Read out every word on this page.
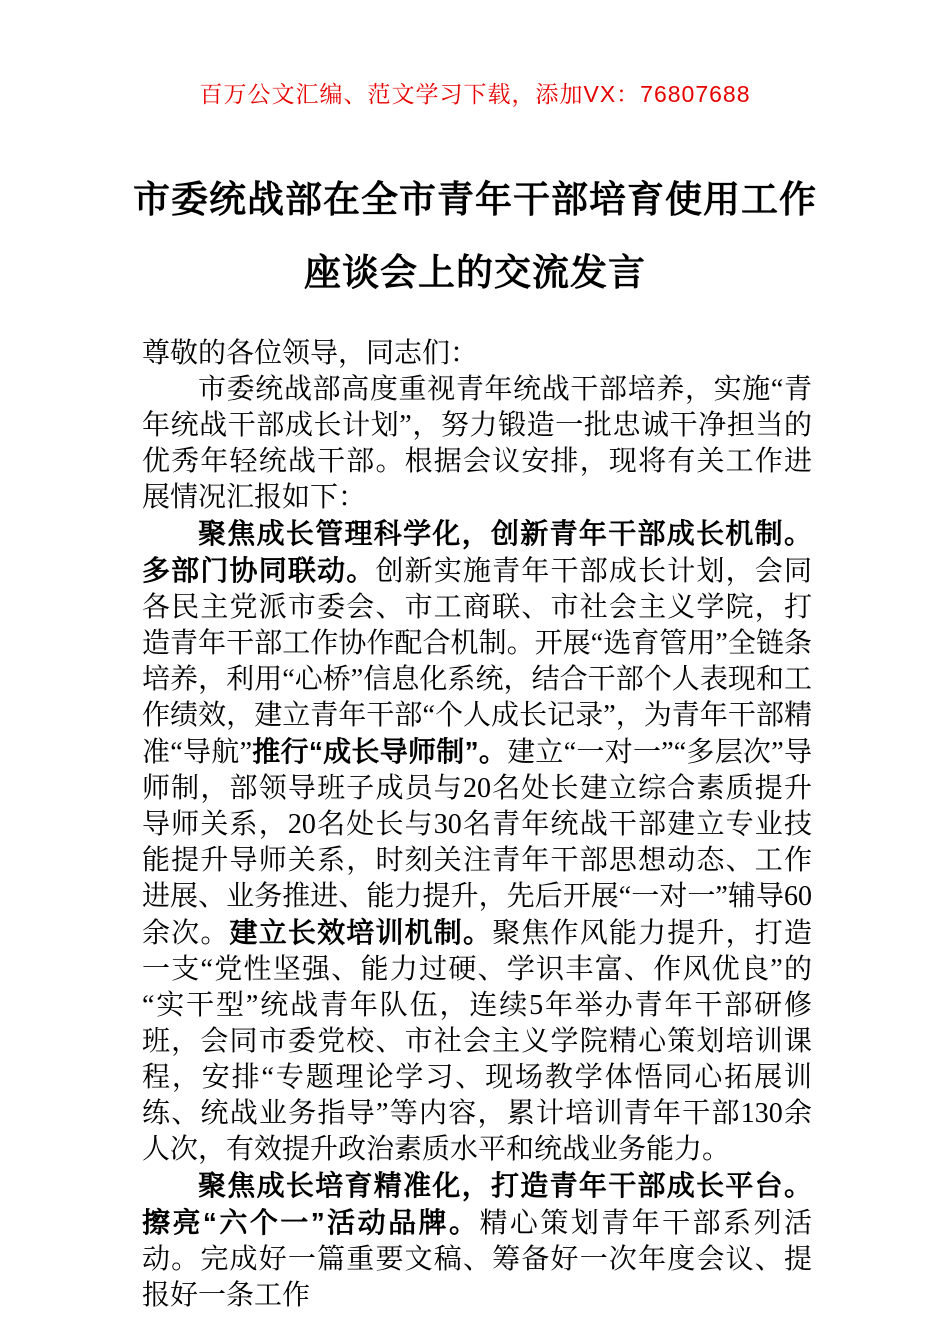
百万公文汇编、范文学习下载，添加VX：76807688
市委统战部在全市青年干部培育使用工作
座谈会上的交流发言

尊敬的各位领导，同志们：

市委统战部高度重视青年统战干部培养，实施“青年统战干部成长计划”，努力锻造一批忠诚干净担当的优秀年轻统战干部。根据会议安排，现将有关工作进展情况汇报如下：

聚焦成长管理科学化，创新青年干部成长机制。多部门协同联动。创新实施青年干部成长计划，会同各民主党派市委会、市工商联、市社会主义学院，打造青年干部工作协作配合机制。开展“选育管用”全链条培养，利用“心桥”信息化系统，结合干部个人表现和工作绩效，建立青年干部“个人成长记录”，为青年干部精准“导航”推行“成长导师制”。建立“一对一”“多层次”导师制，部领导班子成员与20名处长建立综合素质提升导师关系，20名处长与30名青年统战干部建立专业技能提升导师关系，时刻关注青年干部思想动态、工作进展、业务推进、能力提升，先后开展“一对一”辅导60余次。建立长效培训机制。聚焦作风能力提升，打造一支“党性坚强、能力过硬、学识丰富、作风优良”的“实干型”统战青年队伍，连续5年举办青年干部研修班，会同市委党校、市社会主义学院精心策划培训课程，安排“专题理论学习、现场教学体悟同心拓展训练、统战业务指导”等内容，累计培训青年干部130余人次，有效提升政治素质水平和统战业务能力。

聚焦成长培育精准化，打造青年干部成长平台。擦亮“六个一”活动品牌。精心策划青年干部系列活动。完成好一篇重要文稿、筹备好一次年度会议、提报好一条工作
